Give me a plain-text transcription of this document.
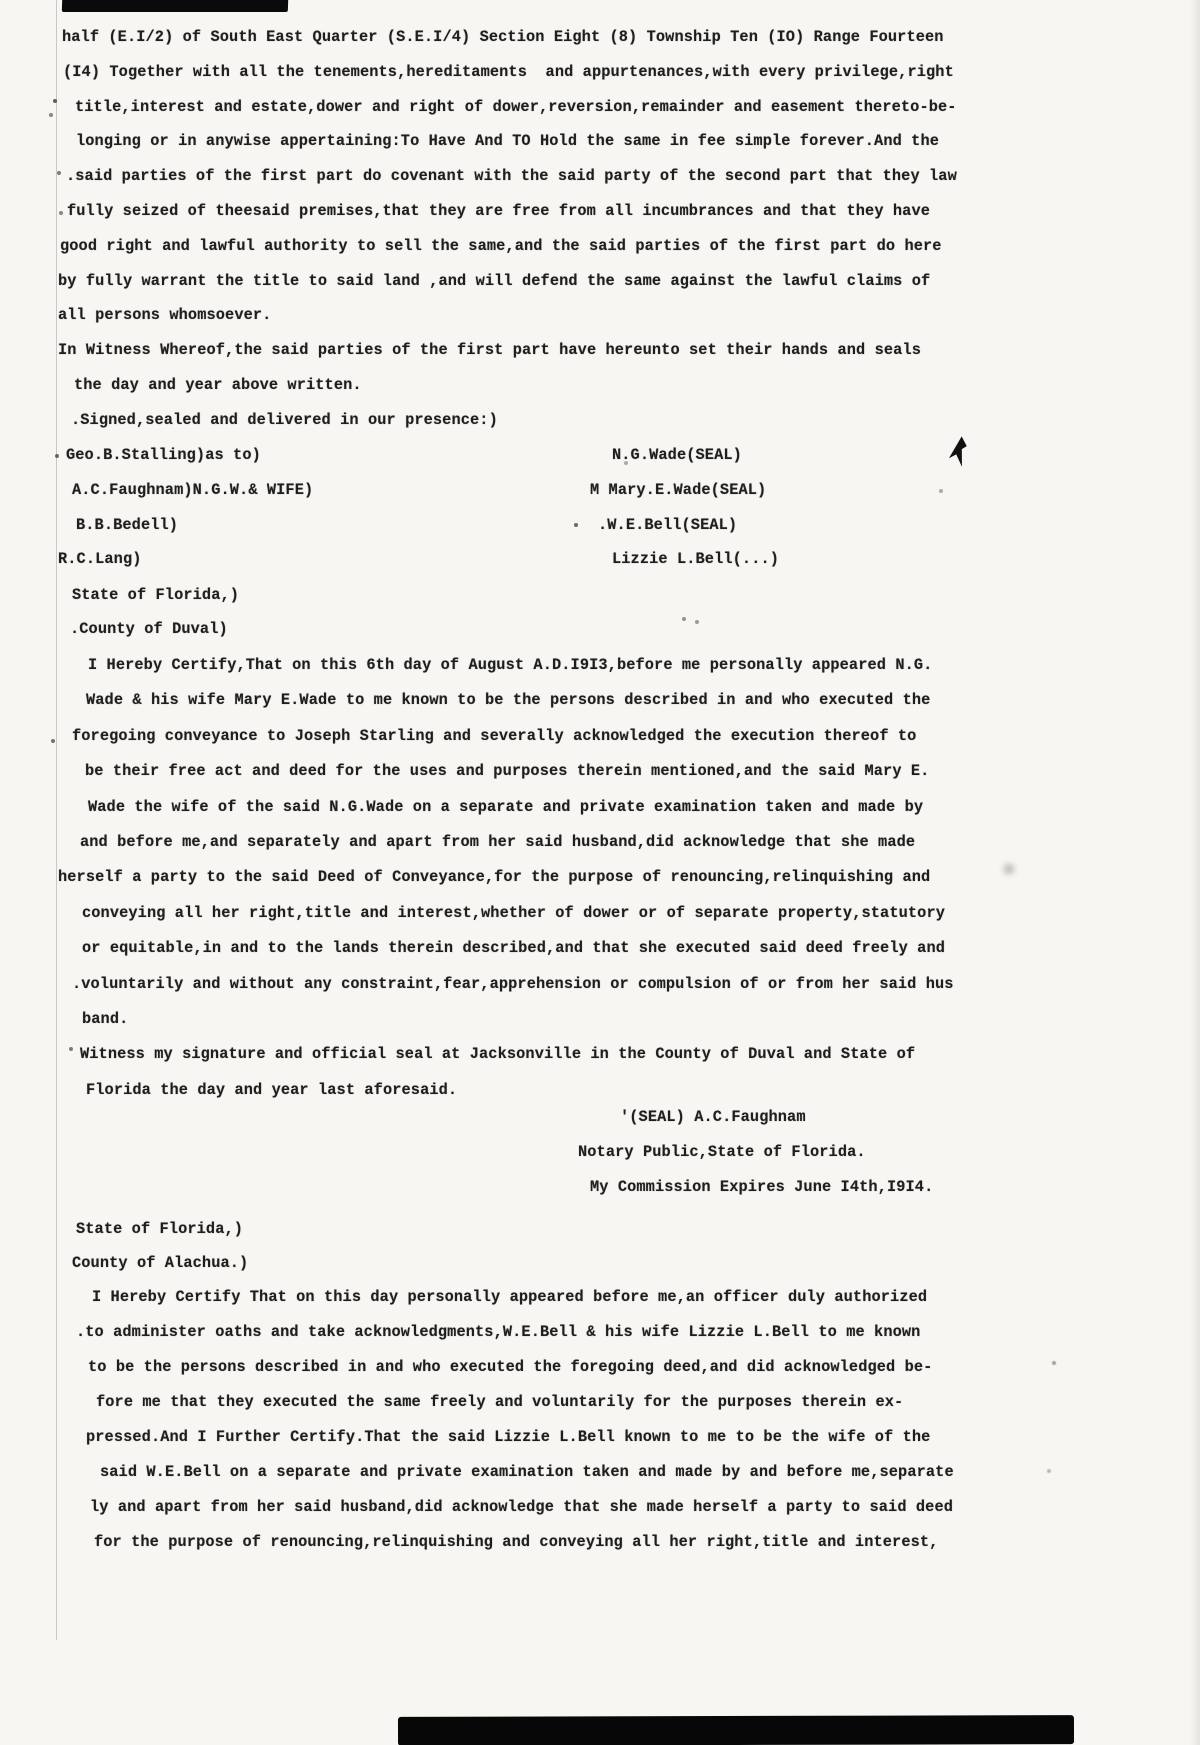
half (E.I/2) of South East Quarter (S.E.I/4) Section Eight (8) Township Ten (IO) Range Fourteen
(I4) Together with all the tenements,hereditaments  and appurtenances,with every privilege,right
title,interest and estate,dower and right of dower,reversion,remainder and easement thereto-be-
longing or in anywise appertaining:To Have And TO Hold the same in fee simple forever.And the
.said parties of the first part do covenant with the said party of the second part that they law
fully seized of theesaid premises,that they are free from all incumbrances and that they have
good right and lawful authority to sell the same,and the said parties of the first part do here
by fully warrant the title to said land ,and will defend the same against the lawful claims of
all persons whomsoever.
In Witness Whereof,the said parties of the first part have hereunto set their hands and seals
the day and year above written.
.Signed,sealed and delivered in our presence:)
Geo.B.Stalling)as to)	N.G.Wade(SEAL)
A.C.Faughnam)N.G.W.& WIFE)	M Mary.E.Wade(SEAL)
B.B.Bedell)	.W.E.Bell(SEAL)
R.C.Lang)	Lizzie L.Bell(...)
State of Florida,)
.County of Duval)
I Hereby Certify,That on this 6th day of August A.D.I9I3,before me personally appeared N.G.
Wade & his wife Mary E.Wade to me known to be the persons described in and who executed the
foregoing conveyance to Joseph Starling and severally acknowledged the execution thereof to
be their free act and deed for the uses and purposes therein mentioned,and the said Mary E.
Wade the wife of the said N.G.Wade on a separate and private examination taken and made by
and before me,and separately and apart from her said husband,did acknowledge that she made
herself a party to the said Deed of Conveyance,for the purpose of renouncing,relinquishing and
conveying all her right,title and interest,whether of dower or of separate property,statutory
or equitable,in and to the lands therein described,and that she executed said deed freely and
.voluntarily and without any constraint,fear,apprehension or compulsion of or from her said hus
band.
Witness my signature and official seal at Jacksonville in the County of Duval and State of
Florida the day and year last aforesaid.
'(SEAL) A.C.Faughnam
Notary Public,State of Florida.
My Commission Expires June I4th,I9I4.
State of Florida,)
County of Alachua.)
I Hereby Certify That on this day personally appeared before me,an officer duly authorized
.to administer oaths and take acknowledgments,W.E.Bell & his wife Lizzie L.Bell to me known
to be the persons described in and who executed the foregoing deed,and did acknowledged be-
fore me that they executed the same freely and voluntarily for the purposes therein ex-
pressed.And I Further Certify.That the said Lizzie L.Bell known to me to be the wife of the
said W.E.Bell on a separate and private examination taken and made by and before me,separate
ly and apart from her said husband,did acknowledge that she made herself a party to said deed
for the purpose of renouncing,relinquishing and conveying all her right,title and interest,
